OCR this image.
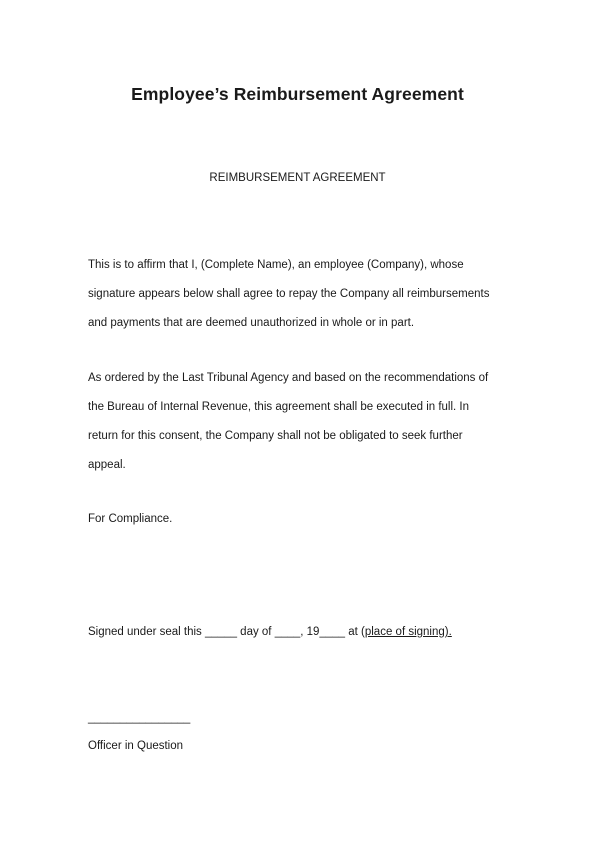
Employee’s Reimbursement Agreement
REIMBURSEMENT AGREEMENT
This is to affirm that I, (Complete Name), an employee (Company), whose
signature appears below shall agree to repay the Company all reimbursements
and payments that are deemed unauthorized in whole or in part.
As ordered by the Last Tribunal Agency and based on the recommendations of
the Bureau of Internal Revenue, this agreement shall be executed in full. In
return for this consent, the Company shall not be obligated to seek further
appeal.
For Compliance.
Signed under seal this _____ day of ____, 19____ at (place of signing).
________________
Officer in Question
